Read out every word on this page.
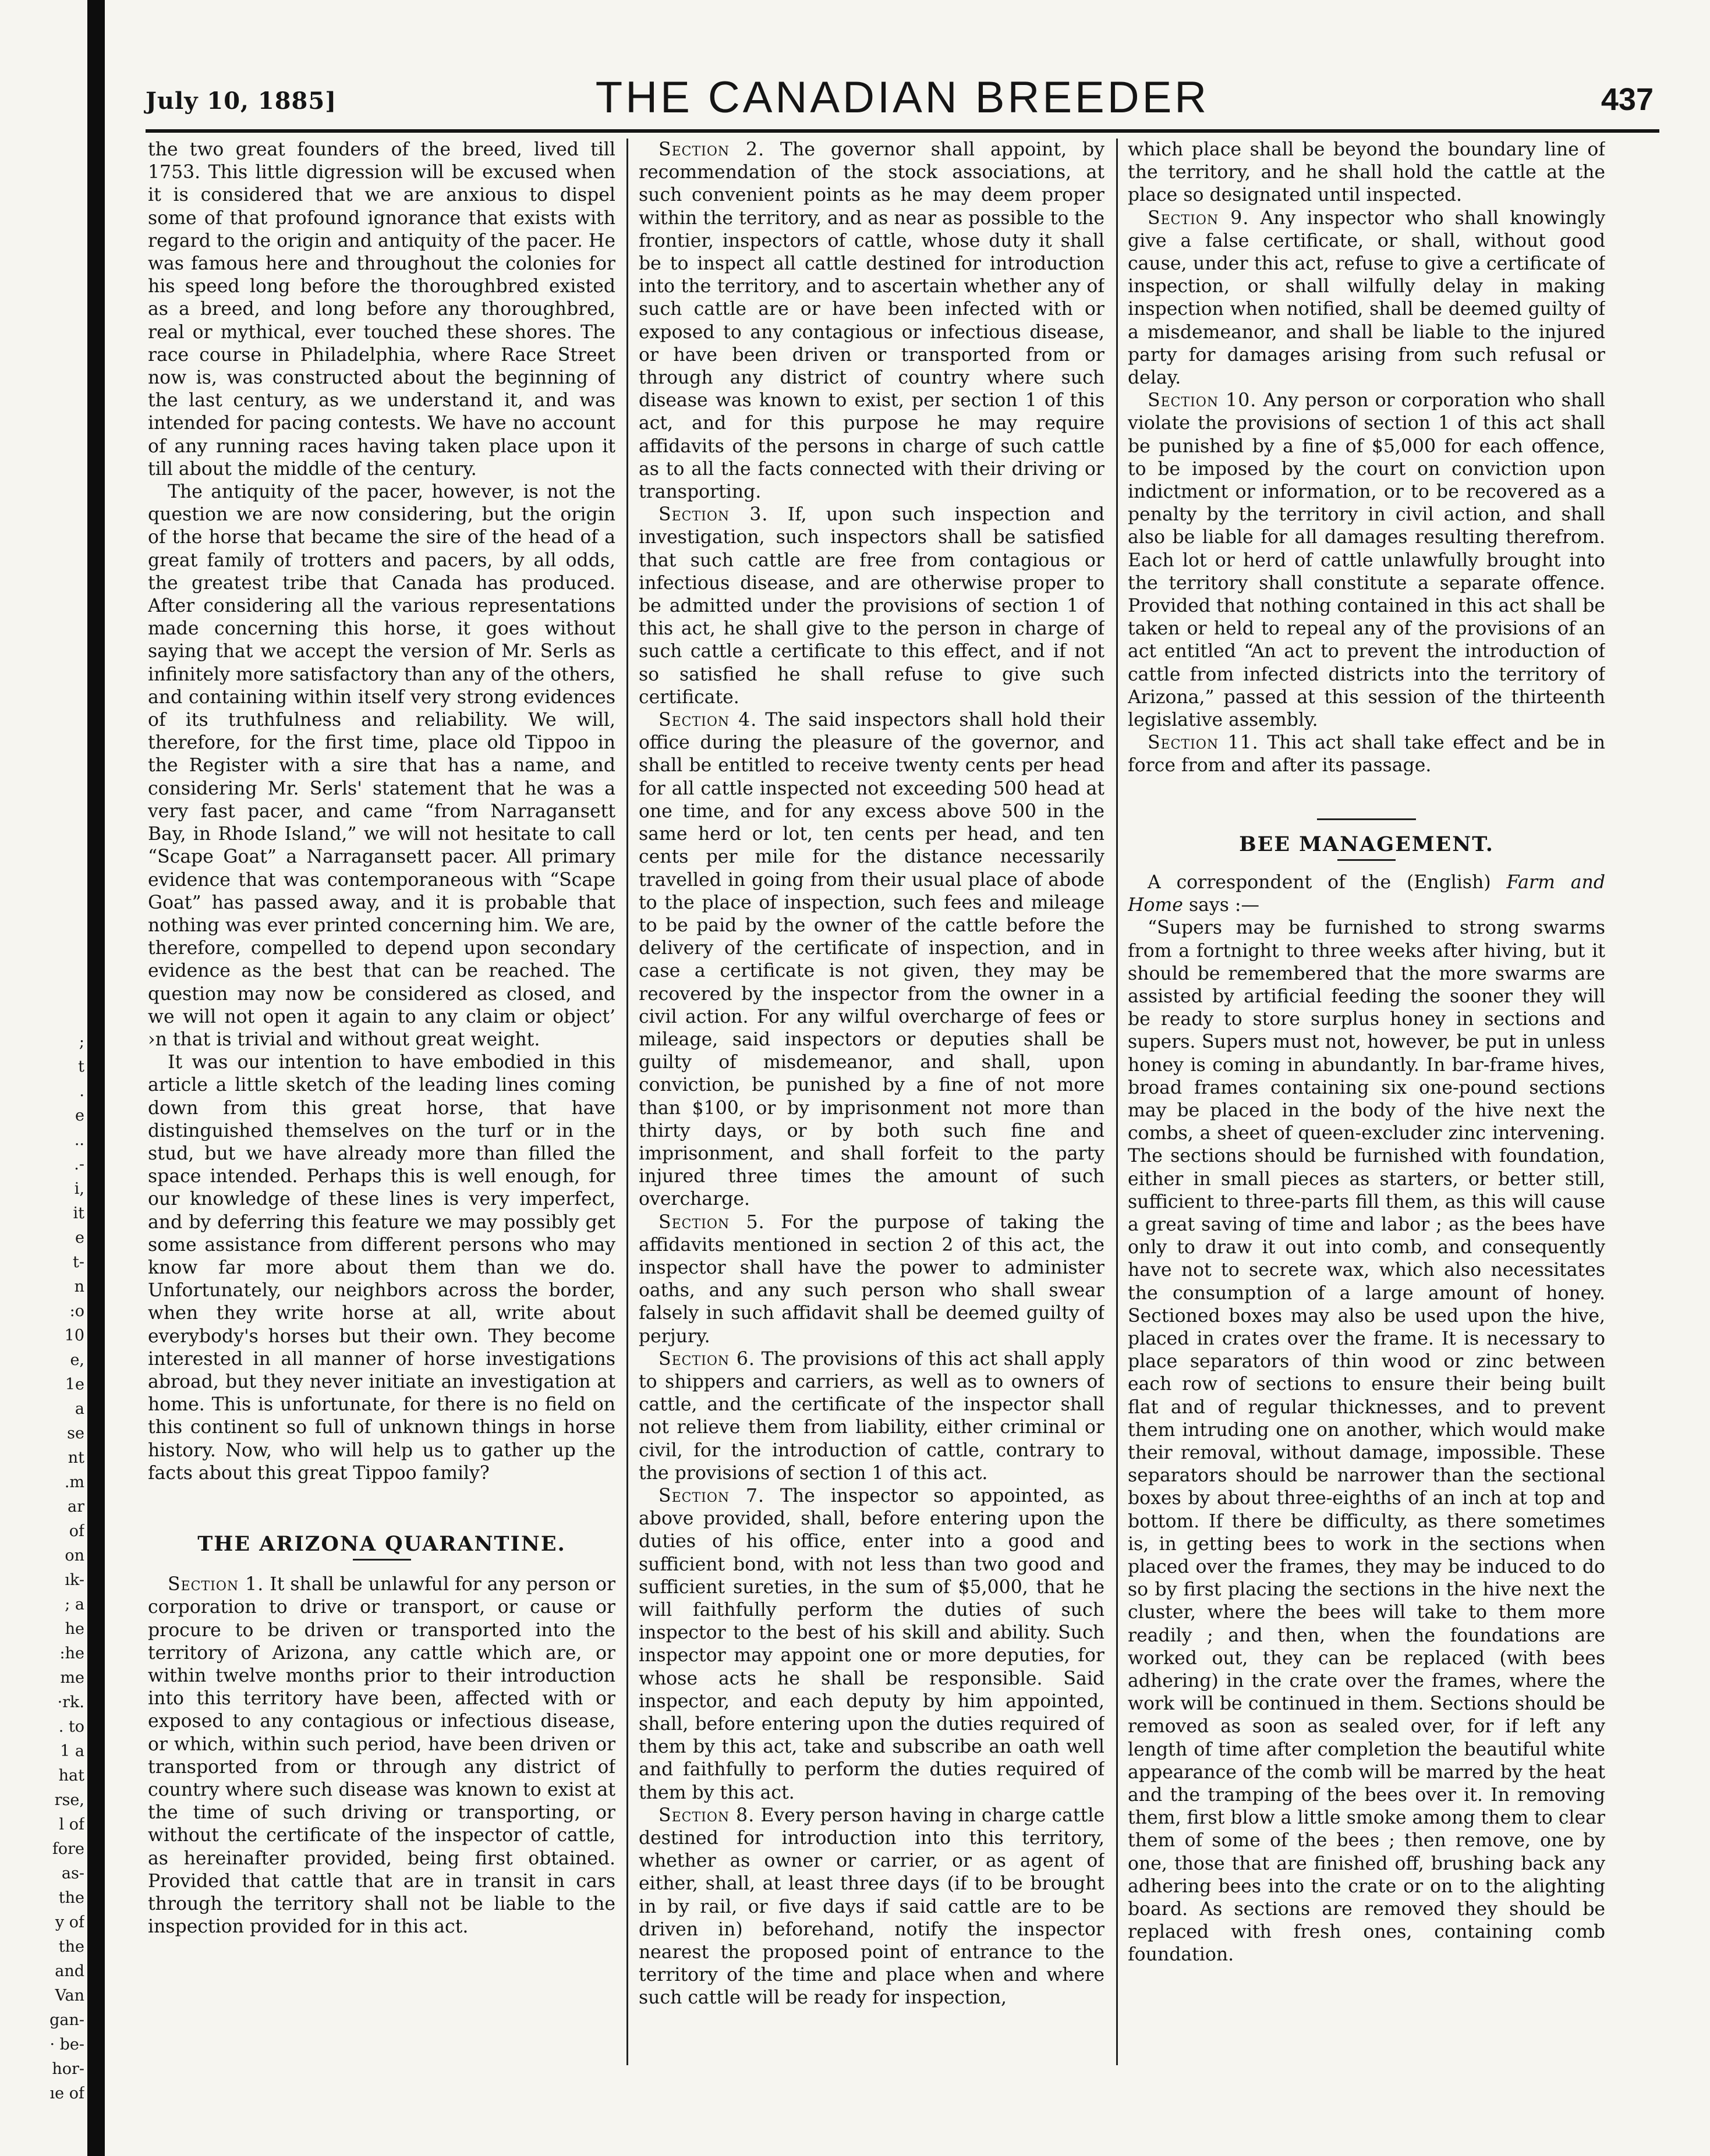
;
t
.
e
..
.-
i,
it
e
t-
n
:o
10
e,
1e
a
se
nt
.m
ar
of
on
ık-
; a
he
:he
me
·rk.
. to
1 a
hat
rse,
l of
fore
as-
the
y of
the
and
Van
gan-
· be-
hor-
ıe of
July 10, 1885]	THE CANADIAN BREEDER	437

the two great founders of the breed, lived till 1753. This little digression will be excused when it is considered that we are anxious to dispel some of that profound ignorance that exists with regard to the origin and antiquity of the pacer. He was famous here and throughout the colonies for his speed long before the thoroughbred existed as a breed, and long before any thoroughbred, real or mythical, ever touched these shores. The race course in Philadelphia, where Race Street now is, was constructed about the beginning of the last century, as we understand it, and was intended for pacing contests. We have no account of any running races having taken place upon it till about the middle of the century.

The antiquity of the pacer, however, is not the question we are now considering, but the origin of the horse that became the sire of the head of a great family of trotters and pacers, by all odds, the greatest tribe that Canada has produced. After considering all the various representations made concerning this horse, it goes without saying that we accept the version of Mr. Serls as infinitely more satisfactory than any of the others, and containing within itself very strong evidences of its truthfulness and reliability. We will, therefore, for the first time, place old Tippoo in the Register with a sire that has a name, and considering Mr. Serls' statement that he was a very fast pacer, and came “from Narragansett Bay, in Rhode Island,” we will not hesitate to call “Scape Goat” a Narragansett pacer. All primary evidence that was contemporaneous with “Scape Goat” has passed away, and it is probable that nothing was ever printed concerning him. We are, therefore, compelled to depend upon secondary evidence as the best that can be reached. The question may now be considered as closed, and we will not open it again to any claim or object’ ›n that is trivial and without great weight.

It was our intention to have embodied in this article a little sketch of the leading lines coming down from this great horse, that have distinguished themselves on the turf or in the stud, but we have already more than filled the space intended. Perhaps this is well enough, for our knowledge of these lines is very imperfect, and by deferring this feature we may possibly get some assistance from different persons who may know far more about them than we do. Unfortunately, our neighbors across the border, when they write horse at all, write about everybody's horses but their own. They become interested in all manner of horse investigations abroad, but they never initiate an investigation at home. This is unfortunate, for there is no field on this continent so full of unknown things in horse history. Now, who will help us to gather up the facts about this great Tippoo family?

THE ARIZONA QUARANTINE.

Section 1. It shall be unlawful for any person or corporation to drive or transport, or cause or procure to be driven or transported into the territory of Arizona, any cattle which are, or within twelve months prior to their introduction into this territory have been, affected with or exposed to any contagious or infectious disease, or which, within such period, have been driven or transported from or through any district of country where such disease was known to exist at the time of such driving or transporting, or without the certificate of the inspector of cattle, as hereinafter provided, being first obtained. Provided that cattle that are in transit in cars through the territory shall not be liable to the inspection provided for in this act.

Section 2. The governor shall appoint, by recommendation of the stock associations, at such convenient points as he may deem proper within the territory, and as near as possible to the frontier, inspectors of cattle, whose duty it shall be to inspect all cattle destined for introduction into the territory, and to ascertain whether any of such cattle are or have been infected with or exposed to any contagious or infectious disease, or have been driven or transported from or through any district of country where such disease was known to exist, per section 1 of this act, and for this purpose he may require affidavits of the persons in charge of such cattle as to all the facts connected with their driving or transporting.

Section 3. If, upon such inspection and investigation, such inspectors shall be satisfied that such cattle are free from contagious or infectious disease, and are otherwise proper to be admitted under the provisions of section 1 of this act, he shall give to the person in charge of such cattle a certificate to this effect, and if not so satisfied he shall refuse to give such certificate.

Section 4. The said inspectors shall hold their office during the pleasure of the governor, and shall be entitled to receive twenty cents per head for all cattle inspected not exceeding 500 head at one time, and for any excess above 500 in the same herd or lot, ten cents per head, and ten cents per mile for the distance necessarily travelled in going from their usual place of abode to the place of inspection, such fees and mileage to be paid by the owner of the cattle before the delivery of the certificate of inspection, and in case a certificate is not given, they may be recovered by the inspector from the owner in a civil action. For any wilful overcharge of fees or mileage, said inspectors or deputies shall be guilty of misdemeanor, and shall, upon conviction, be punished by a fine of not more than $100, or by imprisonment not more than thirty days, or by both such fine and imprisonment, and shall forfeit to the party injured three times the amount of such overcharge.

Section 5. For the purpose of taking the affidavits mentioned in section 2 of this act, the inspector shall have the power to administer oaths, and any such person who shall swear falsely in such affidavit shall be deemed guilty of perjury.

Section 6. The provisions of this act shall apply to shippers and carriers, as well as to owners of cattle, and the certificate of the inspector shall not relieve them from liability, either criminal or civil, for the introduction of cattle, contrary to the provisions of section 1 of this act.

Section 7. The inspector so appointed, as above provided, shall, before entering upon the duties of his office, enter into a good and sufficient bond, with not less than two good and sufficient sureties, in the sum of $5,000, that he will faithfully perform the duties of such inspector to the best of his skill and ability. Such inspector may appoint one or more deputies, for whose acts he shall be responsible. Said inspector, and each deputy by him appointed, shall, before entering upon the duties required of them by this act, take and subscribe an oath well and faithfully to perform the duties required of them by this act.

Section 8. Every person having in charge cattle destined for introduction into this territory, whether as owner or carrier, or as agent of either, shall, at least three days (if to be brought in by rail, or five days if said cattle are to be driven in) beforehand, notify the inspector nearest the proposed point of entrance to the territory of the time and place when and where such cattle will be ready for inspection,

which place shall be beyond the boundary line of the territory, and he shall hold the cattle at the place so designated until inspected.

Section 9. Any inspector who shall knowingly give a false certificate, or shall, without good cause, under this act, refuse to give a certificate of inspection, or shall wilfully delay in making inspection when notified, shall be deemed guilty of a misdemeanor, and shall be liable to the injured party for damages arising from such refusal or delay.

Section 10. Any person or corporation who shall violate the provisions of section 1 of this act shall be punished by a fine of $5,000 for each offence, to be imposed by the court on conviction upon indictment or information, or to be recovered as a penalty by the territory in civil action, and shall also be liable for all damages resulting therefrom. Each lot or herd of cattle unlawfully brought into the territory shall constitute a separate offence. Provided that nothing contained in this act shall be taken or held to repeal any of the provisions of an act entitled “An act to prevent the introduction of cattle from infected districts into the territory of Arizona,” passed at this session of the thirteenth legislative assembly.

Section 11. This act shall take effect and be in force from and after its passage.

BEE MANAGEMENT.

A correspondent of the (English) Farm and Home says :—

“Supers may be furnished to strong swarms from a fortnight to three weeks after hiving, but it should be remembered that the more swarms are assisted by artificial feeding the sooner they will be ready to store surplus honey in sections and supers. Supers must not, however, be put in unless honey is coming in abundantly. In bar-frame hives, broad frames containing six one-pound sections may be placed in the body of the hive next the combs, a sheet of queen-excluder zinc intervening. The sections should be furnished with foundation, either in small pieces as starters, or better still, sufficient to three-parts fill them, as this will cause a great saving of time and labor ; as the bees have only to draw it out into comb, and consequently have not to secrete wax, which also necessitates the consumption of a large amount of honey. Sectioned boxes may also be used upon the hive, placed in crates over the frame. It is necessary to place separators of thin wood or zinc between each row of sections to ensure their being built flat and of regular thicknesses, and to prevent them intruding one on another, which would make their removal, without damage, impossible. These separators should be narrower than the sectional boxes by about three-eighths of an inch at top and bottom. If there be difficulty, as there sometimes is, in getting bees to work in the sections when placed over the frames, they may be induced to do so by first placing the sections in the hive next the cluster, where the bees will take to them more readily ; and then, when the foundations are worked out, they can be replaced (with bees adhering) in the crate over the frames, where the work will be continued in them. Sections should be removed as soon as sealed over, for if left any length of time after completion the beautiful white appearance of the comb will be marred by the heat and the tramping of the bees over it. In removing them, first blow a little smoke among them to clear them of some of the bees ; then remove, one by one, those that are finished off, brushing back any adhering bees into the crate or on to the alighting board. As sections are removed they should be replaced with fresh ones, containing comb foundation.
